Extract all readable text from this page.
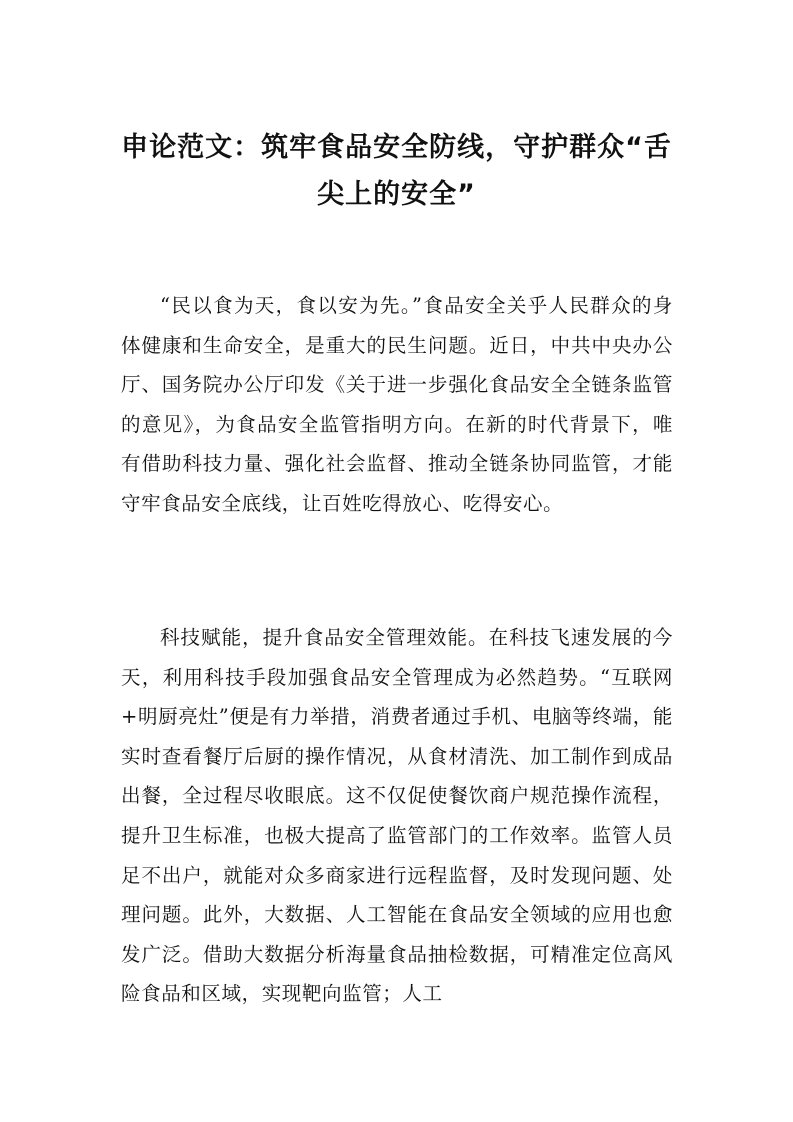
申论范文：筑牢食品安全防线，守护群众“舌
尖上的安全”

“民以食为天，食以安为先。”食品安全关乎人民群众的身体健康和生命安全，是重大的民生问题。近日，中共中央办公厅、国务院办公厅印发《关于进一步强化食品安全全链条监管的意见》，为食品安全监管指明方向。在新的时代背景下，唯有借助科技力量、强化社会监督、推动全链条协同监管，才能守牢食品安全底线，让百姓吃得放心、吃得安心。

科技赋能，提升食品安全管理效能。在科技飞速发展的今天，利用科技手段加强食品安全管理成为必然趋势。“互联网+明厨亮灶”便是有力举措，消费者通过手机、电脑等终端，能实时查看餐厅后厨的操作情况，从食材清洗、加工制作到成品出餐，全过程尽收眼底。这不仅促使餐饮商户规范操作流程，提升卫生标准，也极大提高了监管部门的工作效率。监管人员足不出户，就能对众多商家进行远程监督，及时发现问题、处理问题。此外，大数据、人工智能在食品安全领域的应用也愈发广泛。借助大数据分析海量食品抽检数据，可精准定位高风险食品和区域，实现靶向监管；人工
